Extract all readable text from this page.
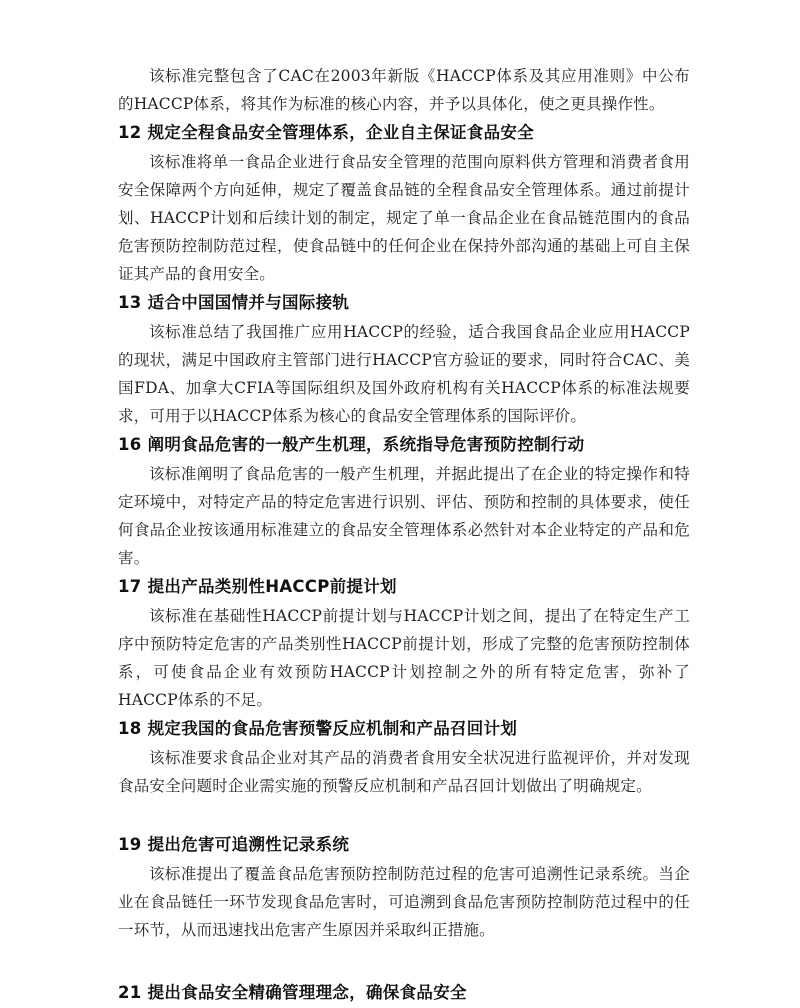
该标准完整包含了CAC在2003年新版《HACCP体系及其应用准则》中公布的HACCP体系，将其作为标准的核心内容，并予以具体化，使之更具操作性。

12 规定全程食品安全管理体系，企业自主保证食品安全

该标准将单一食品企业进行食品安全管理的范围向原料供方管理和消费者食用安全保障两个方向延伸，规定了覆盖食品链的全程食品安全管理体系。通过前提计划、HACCP计划和后续计划的制定，规定了单一食品企业在食品链范围内的食品危害预防控制防范过程，使食品链中的任何企业在保持外部沟通的基础上可自主保证其产品的食用安全。

13 适合中国国情并与国际接轨

该标准总结了我国推广应用HACCP的经验，适合我国食品企业应用HACCP的现状，满足中国政府主管部门进行HACCP官方验证的要求，同时符合CAC、美国FDA、加拿大CFIA等国际组织及国外政府机构有关HACCP体系的标准法规要求，可用于以HACCP体系为核心的食品安全管理体系的国际评价。

16 阐明食品危害的一般产生机理，系统指导危害预防控制行动

该标准阐明了食品危害的一般产生机理，并据此提出了在企业的特定操作和特定环境中，对特定产品的特定危害进行识别、评估、预防和控制的具体要求，使任何食品企业按该通用标准建立的食品安全管理体系必然针对本企业特定的产品和危害。

17 提出产品类别性HACCP前提计划

该标准在基础性HACCP前提计划与HACCP计划之间，提出了在特定生产工序中预防特定危害的产品类别性HACCP前提计划，形成了完整的危害预防控制体系，可使食品企业有效预防HACCP计划控制之外的所有特定危害，弥补了HACCP体系的不足。

18 规定我国的食品危害预警反应机制和产品召回计划

该标准要求食品企业对其产品的消费者食用安全状况进行监视评价，并对发现食品安全问题时企业需实施的预警反应机制和产品召回计划做出了明确规定。

19 提出危害可追溯性记录系统

该标准提出了覆盖食品危害预防控制防范过程的危害可追溯性记录系统。当企业在食品链任一环节发现食品危害时，可追溯到食品危害预防控制防范过程中的任一环节，从而迅速找出危害产生原因并采取纠正措施。

21 提出食品安全精确管理理念，确保食品安全
